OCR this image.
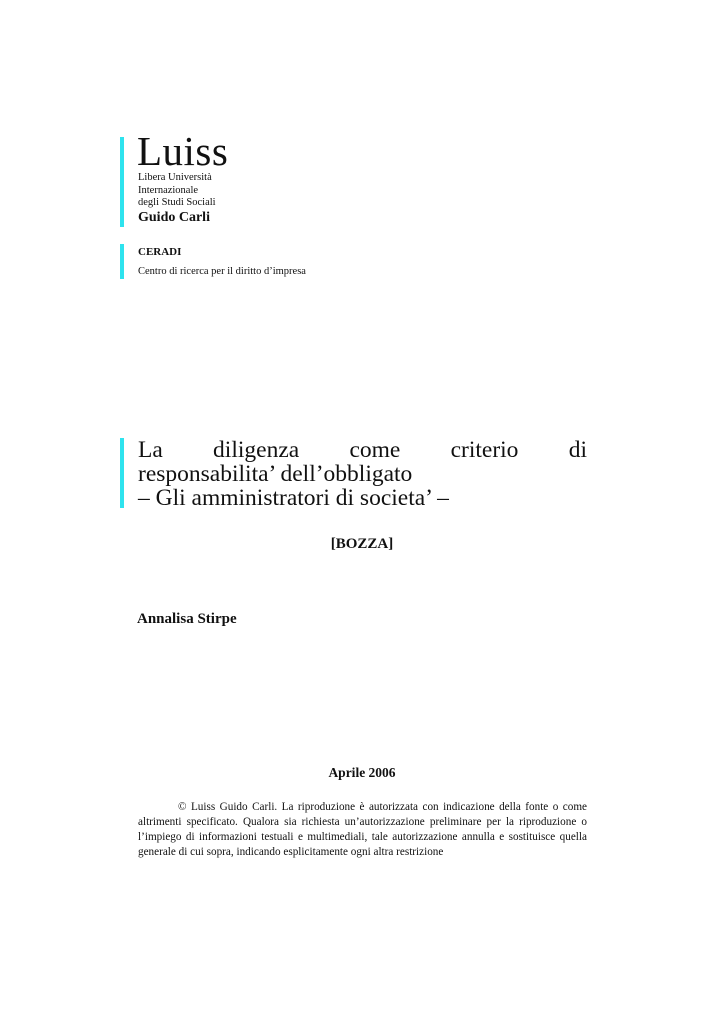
Luiss
Libera Università
Internazionale
degli Studi Sociali
Guido Carli
CERADI
Centro di ricerca per il diritto d’impresa
La diligenza come criterio di
responsabilita’ dell’obbligato
– Gli amministratori di societa’ –
[BOZZA]
Annalisa Stirpe
Aprile 2006
© Luiss Guido Carli. La riproduzione è autorizzata con indicazione della fonte o come altrimenti specificato. Qualora sia richiesta un’autorizzazione preliminare per la riproduzione o l’impiego di informazioni testuali e multimediali, tale autorizzazione annulla e sostituisce quella generale di cui sopra, indicando esplicitamente ogni altra restrizione
